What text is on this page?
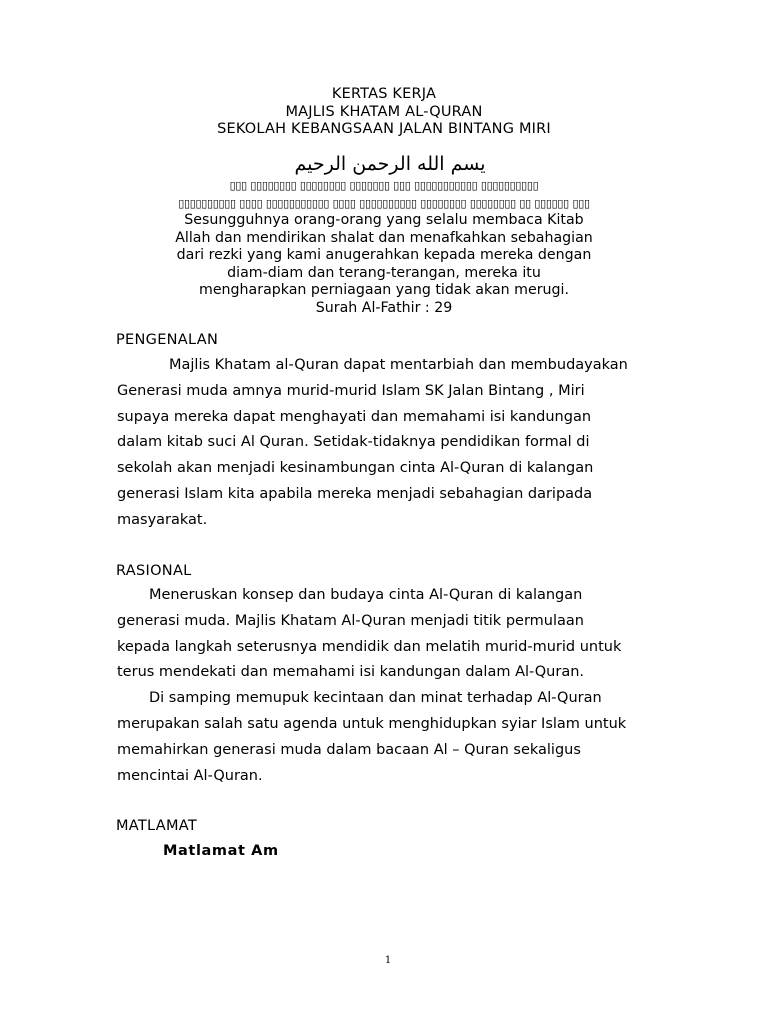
KERTAS KERJA
MAJLIS KHATAM AL-QURAN
SEKOLAH KEBANGSAAN JALAN BINTANG MIRI
يسم الله الرحمن الرحيم
▯▯▯ ▯▯▯▯▯▯▯▯ ▯▯▯▯▯▯▯▯ ▯▯▯▯▯▯▯ ▯▯▯ ▯▯▯▯▯▯▯▯▯▯▯ ▯▯▯▯▯▯▯▯▯▯
▯▯▯▯▯▯▯▯▯▯ ▯▯▯▯ ▯▯▯▯▯▯▯▯▯▯▯ ▯▯▯▯ ▯▯▯▯▯▯▯▯▯▯ ▯▯▯▯▯▯▯▯ ▯▯▯▯▯▯▯▯ ▯▯ ▯▯▯▯▯▯ ▯▯▯
Sesungguhnya orang-orang yang selalu membaca Kitab
Allah dan mendirikan shalat dan menafkahkan sebahagian
dari rezki yang kami anugerahkan kepada mereka dengan
diam-diam dan terang-terangan, mereka itu
mengharapkan perniagaan yang tidak akan merugi.
Surah Al-Fathir : 29
PENGENALAN

Majlis Khatam al-Quran dapat mentarbiah dan membudayakan

Generasi muda amnya murid-murid Islam SK Jalan Bintang , Miri

supaya mereka dapat menghayati dan memahami isi kandungan

dalam kitab suci Al Quran. Setidak-tidaknya pendidikan formal di

sekolah akan menjadi kesinambungan cinta Al-Quran di kalangan

generasi Islam kita apabila mereka menjadi sebahagian daripada

masyarakat.

RASIONAL

Meneruskan konsep dan budaya cinta Al-Quran di kalangan

generasi muda. Majlis Khatam Al-Quran menjadi titik permulaan

kepada langkah seterusnya mendidik dan melatih murid-murid untuk

terus mendekati dan memahami isi kandungan dalam Al-Quran.

Di samping memupuk kecintaan dan minat terhadap Al-Quran

merupakan salah satu agenda untuk menghidupkan syiar Islam untuk

memahirkan generasi muda dalam bacaan Al – Quran sekaligus

mencintai Al-Quran.

MATLAMAT
Matlamat Am
1
